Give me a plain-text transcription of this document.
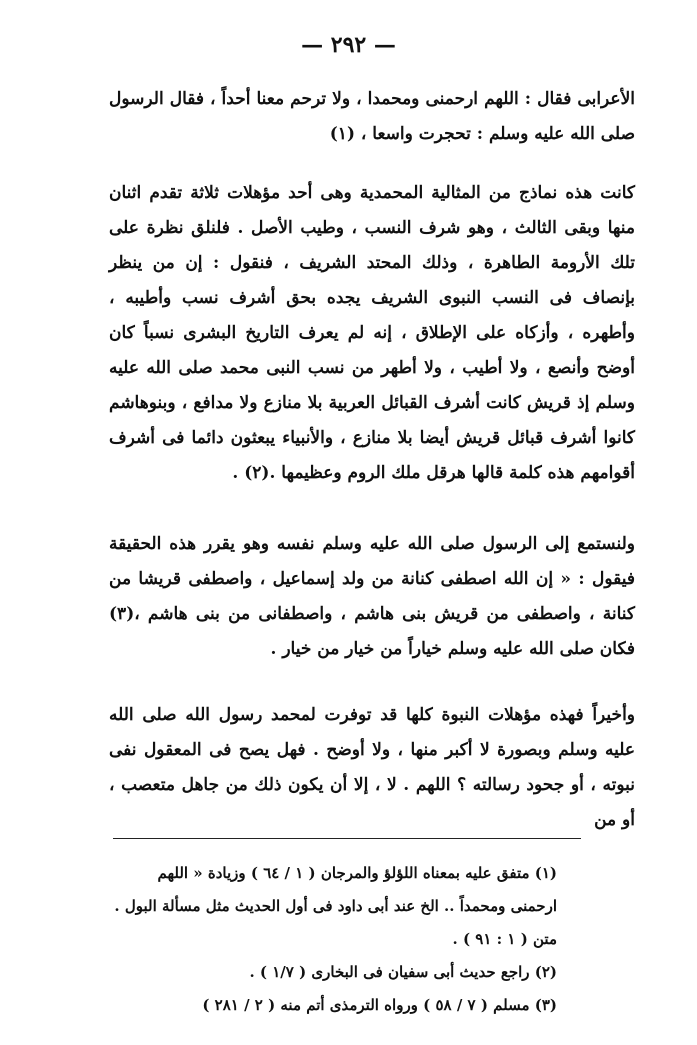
— ٢٩٢ —

الأعرابى فقال : اللهم ارحمنى ومحمدا ، ولا ترحم معنا أحداً ، فقال الرسول صلى الله عليه وسلم : تحجرت واسعا ، (١)

كانت هذه نماذج من المثالية المحمدية وهى أحد مؤهلات ثلاثة تقدم اثنان منها وبقى الثالث ، وهو شرف النسب ، وطيب الأصل . فلنلق نظرة على تلك الأرومة الطاهرة ، وذلك المحتد الشريف ، فنقول : إن من ينظر بإنصاف فى النسب النبوى الشريف يجده بحق أشرف نسب وأطيبه ، وأطهره ، وأزكاه على الإطلاق ، إنه لم يعرف التاريخ البشرى نسباً كان أوضح وأنصع ، ولا أطيب ، ولا أطهر من نسب النبى محمد صلى الله عليه وسلم إذ قريش كانت أشرف القبائل العربية بلا منازع ولا مدافع ، وبنوهاشم كانوا أشرف قبائل قريش أيضا بلا منازع ، والأنبياء يبعثون دائما فى أشرف أقوامهم هذه كلمة قالها هرقل ملك الروم وعظيمها .(٢) .

ولنستمع إلى الرسول صلى الله عليه وسلم نفسه وهو يقرر هذه الحقيقة فيقول : « إن الله اصطفى كنانة من ولد إسماعيل ، واصطفى قريشا من كنانة ، واصطفى من قريش بنى هاشم ، واصطفانى من بنى هاشم ،(٣) فكان صلى الله عليه وسلم خياراً من خيار من خيار .

وأخيراً فهذه مؤهلات النبوة كلها قد توفرت لمحمد رسول الله صلى الله عليه وسلم وبصورة لا أكبر منها ، ولا أوضح . فهل يصح فى المعقول نفى نبوته ، أو جحود رسالته ؟ اللهم . لا ، إلا أن يكون ذلك من جاهل متعصب ، أو من

(١) متفق عليه بمعناه اللؤلؤ والمرجان ( ١ / ٦٤ ) وزيادة « اللهم ارحمنى ومحمداً .. الخ عند أبى داود فى أول الحديث مثل مسألة البول . متن ( ١ : ٩١ ) .

(٢) راجع حديث أبى سفيان فى البخارى ( ١/٧ ) .

(٣) مسلم ( ٧ / ٥٨ ) ورواه الترمذى أتم منه ( ٢ / ٢٨١ )
